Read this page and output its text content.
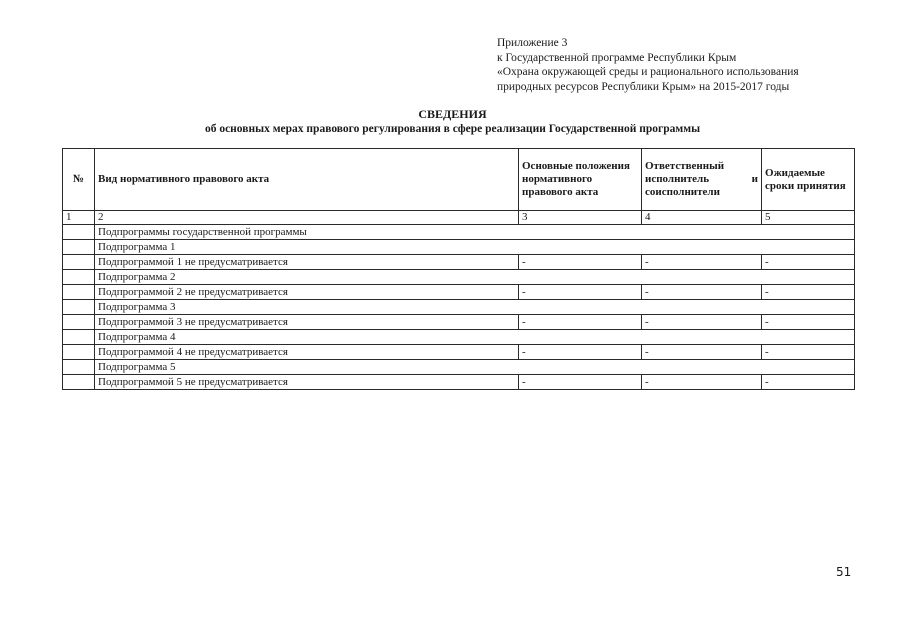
Приложение 3
к Государственной программе Республики Крым
«Охрана окружающей среды и рационального использования
природных ресурсов Республики Крым» на 2015-2017 годы
СВЕДЕНИЯ
об основных мерах правового регулирования в сфере реализации Государственной программы
№	Вид нормативного правового акта	Основные положения нормативного правового акта	Ответственный
исполнитель и
соисполнители	Ожидаемые сроки принятия
1	2	3	4	5
	Подпрограммы государственной программы			
	Подпрограмма 1			
	Подпрограммой 1 не предусматривается	-	-	-
	Подпрограмма 2			
	Подпрограммой 2 не предусматривается	-	-	-
	Подпрограмма 3			
	Подпрограммой 3 не предусматривается	-	-	-
	Подпрограмма 4			
	Подпрограммой 4 не предусматривается	-	-	-
	Подпрограмма 5			
	Подпрограммой 5 не предусматривается	-	-	-
51
